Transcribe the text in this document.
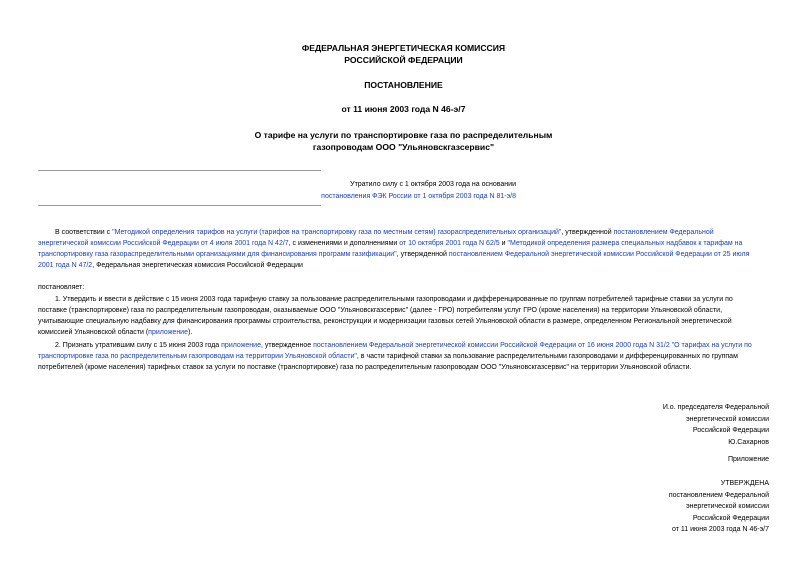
ФЕДЕРАЛЬНАЯ ЭНЕРГЕТИЧЕСКАЯ КОМИССИЯ
РОССИЙСКОЙ ФЕДЕРАЦИИ
ПОСТАНОВЛЕНИЕ
от 11 июня 2003 года N 46-э/7
О тарифе на услуги по транспортировке газа по распределительным
газопроводам ООО "Ульяновскгазсервис"
Утратило силу с 1 октября 2003 года на основании
постановления ФЭК России от 1 октября 2003 года N 81-э/8
В соответствии с "Методикой определения тарифов на услуги (тарифов на транспортировку газа по местным сетям) газораспределительных организаций", утвержденной постановлением Федеральной
энергетической комиссии Российской Федерации от 4 июля 2001 года N 42/7, с изменениями и дополнениями от 10 октября 2001 года N 62/5 и "Методикой определения размера специальных надбавок к тарифам на
транспортировку газа газораспределительными организациями для финансирования программ газификации", утвержденной постановлением Федеральной энергетической комиссии Российской Федерации от 25 июля
2001 года N 47/2, Федеральная энергетическая комиссия Российской Федерации
постановляет:
1. Утвердить и ввести в действие с 15 июня 2003 года тарифную ставку за пользование распределительными газопроводами и дифференцированные по группам потребителей тарифные ставки за услуги по
поставке (транспортировке) газа по распределительным газопроводам, оказываемые ООО "Ульяновскгазсервис" (далее - ГРО) потребителям услуг ГРО (кроме населения) на территории Ульяновской области,
учитывающие специальную надбавку для финансирования программы строительства, реконструкции и модернизации газовых сетей Ульяновской области в размере, определенном Региональной энергетической
комиссией Ульяновской области (приложение).
2. Признать утратившим силу с 15 июня 2003 года приложение, утвержденное постановлением Федеральной энергетической комиссии Российской Федерации от 16 июня 2000 года N 31/2 "О тарифах на услуги по
транспортировке газа по распределительным газопроводам на территории Ульяновской области", в части тарифной ставки за пользование распределительными газопроводами и дифференцированных по группам
потребителей (кроме населения) тарифных ставок за услуги по поставке (транспортировке) газа по распределительным газопроводам ООО "Ульяновскгазсервис" на территории Ульяновской области.
И.о. председателя Федеральной
энергетической комиссии
Российской Федерации
Ю.Сахарнов
Приложение
УТВЕРЖДЕНА
постановлением Федеральной
энергетической комиссии
Российской Федерации
от 11 июня 2003 года N 46-э/7
